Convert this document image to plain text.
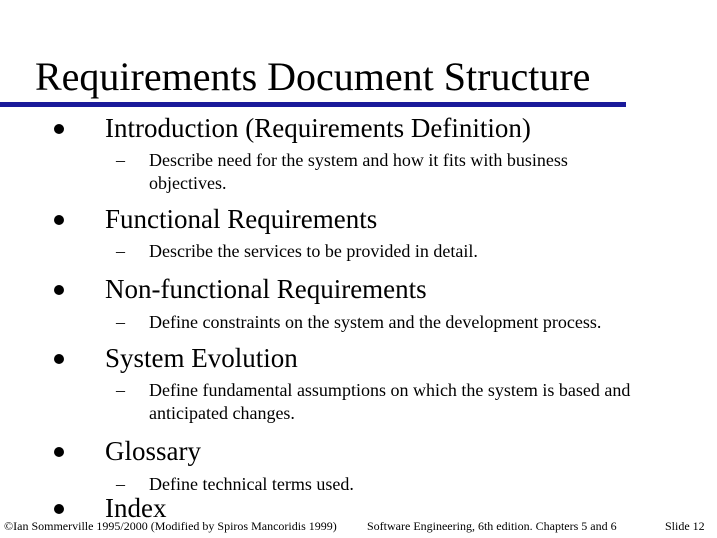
Requirements Document Structure
Introduction (Requirements Definition)
– Describe need for the system and how it fits with business objectives.
Functional Requirements
– Describe the services to be provided in detail.
Non-functional Requirements
– Define constraints on the system and the development process.
System Evolution
– Define fundamental assumptions on which the system is based and anticipated changes.
Glossary
– Define technical terms used.
Index
©Ian Sommerville 1995/2000 (Modified by Spiros Mancoridis 1999)	Software Engineering, 6th edition. Chapters 5 and 6	Slide 12
